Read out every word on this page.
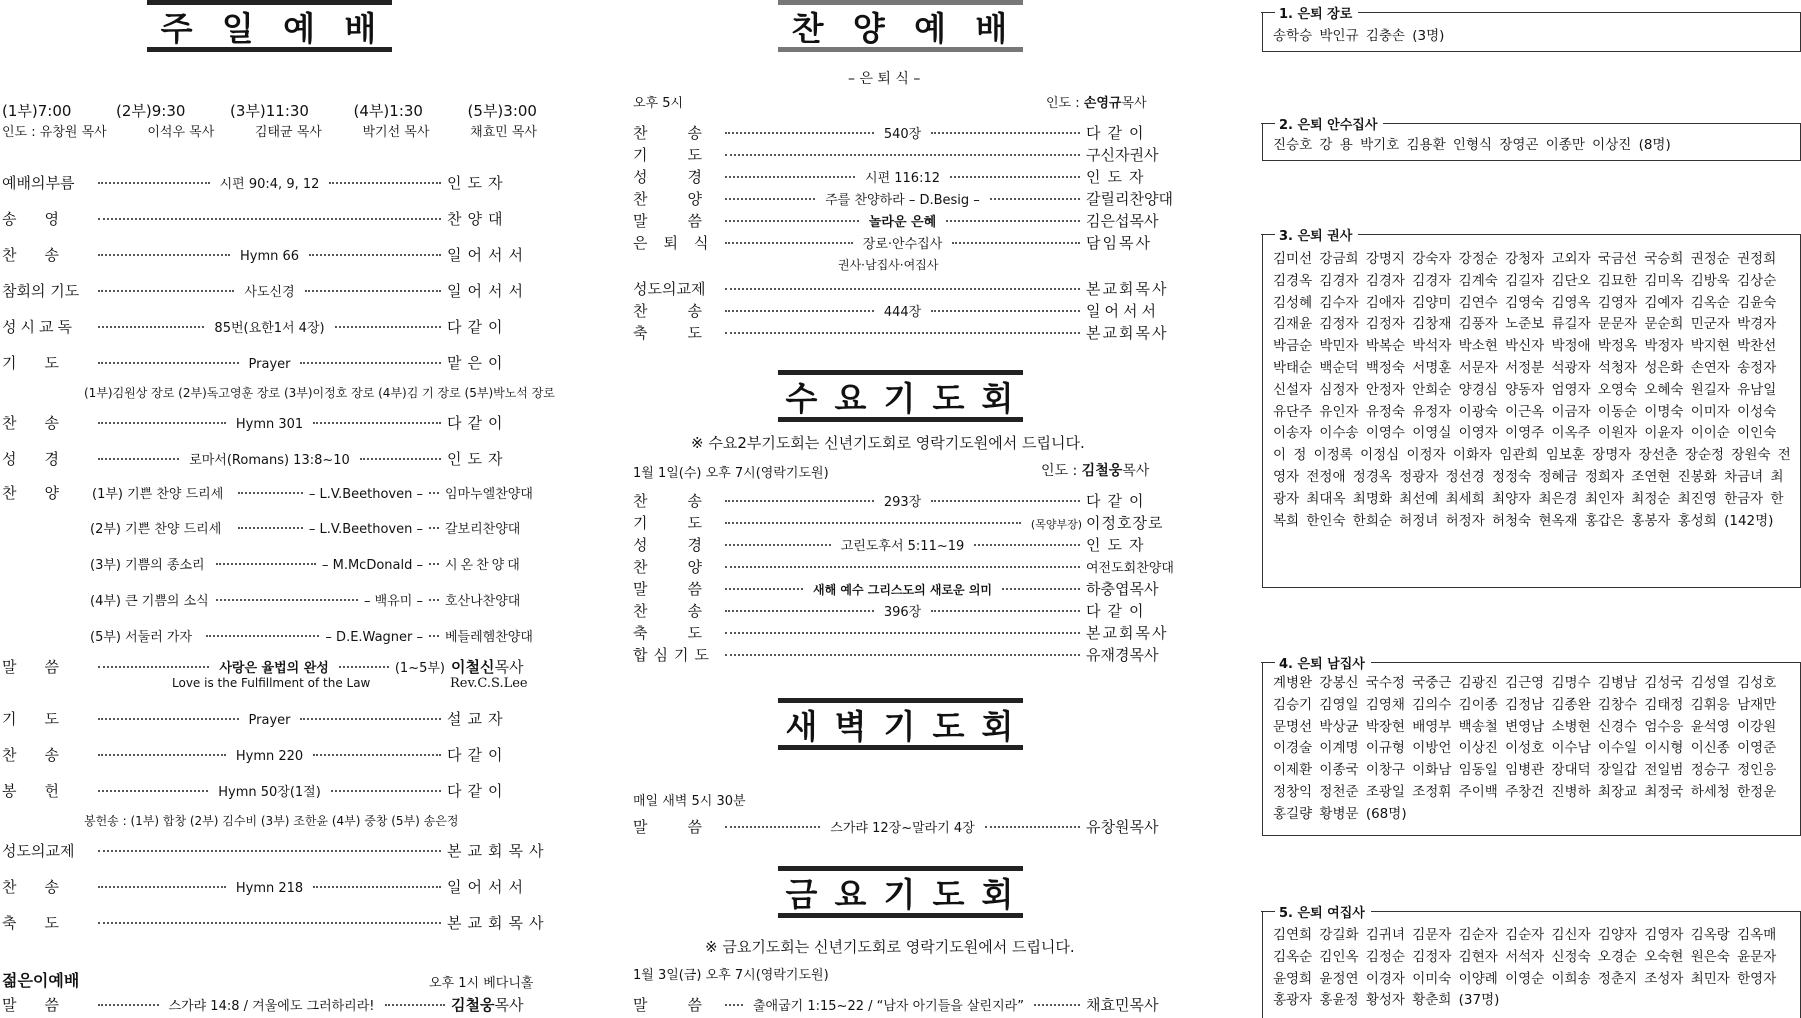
주 일 예 배
(1부)7:00	(2부)9:30	(3부)11:30	(4부)1:30	(5부)3:00
인도 : 유창원 목사	이석우 목사	김태균 목사	박기선 목사	채효민 목사
예배의부름	시편 90:4, 9, 12	인도자
송영	찬양대
찬송	Hymn 66	일어서서
참회의 기도	사도신경	일어서서
성시교독	85번(요한1서 4장)	다같이
기도	Prayer	맡은이
(1부)김원상 장로 (2부)독고영훈 장로 (3부)이정호 장로 (4부)김 기 장로 (5부)박노석 장로
찬송	Hymn 301	다같이
성경	로마서(Romans) 13:8~10	인도자
찬양 (1부) 기쁜 찬양 드리세	– L.V.Beethoven – 임마누엘찬양대
(2부) 기쁜 찬양 드리세	– L.V.Beethoven – 갈보리찬양대
(3부) 기쁨의 종소리	– M.McDonald – 시온찬양대
(4부) 큰 기쁨의 소식	– 백유미 – 호산나찬양대
(5부) 서둘러 가자	– D.E.Wagner – 베들레헴찬양대
말씀	사랑은 율법의 완성	(1~5부) 이철신목사
Love is the Fulfillment of the Law	Rev.C.S.Lee
기도	Prayer	설교자
찬송	Hymn 220	다같이
봉헌	Hymn 50장(1절)	다같이
봉헌송 : (1부) 합창 (2부) 김수비 (3부) 조한윤 (4부) 중창 (5부) 송은정
성도의교제	본교회목사
찬송	Hymn 218	일어서서
축도	본교회목사
젊은이예배	오후 1시 베다니홀
말씀	스가랴 14:8 / 겨울에도 그러하리라!	김철웅목사
찬 양 예 배
– 은 퇴 식 –
오후 5시	인도 : 손영규목사
찬송	540장	다같이
기도	구신자권사
성경	시편 116:12	인도자
찬양	주를 찬양하라 – D.Besig –	갈릴리찬양대
말씀	놀라운 은혜	김은섭목사
은퇴식	장로·안수집사	담임목사
권사·남집사·여집사
성도의교제	본교회목사
찬송	444장	일어서서
축도	본교회목사
수 요 기 도 회
※ 수요2부기도회는 신년기도회로 영락기도원에서 드립니다.
1월 1일(수) 오후 7시(영락기도원)	인도 : 김철웅목사
찬송	293장	다같이
기도	(목양부장) 이정호장로
성경	고린도후서 5:11~19	인도자
찬양	여전도회찬양대
말씀	새해 예수 그리스도의 새로운 의미	하충엽목사
찬송	396장	다같이
축도	본교회목사
합심기도	유재경목사
새 벽 기 도 회
매일 새벽 5시 30분
말씀	스가랴 12장~말라기 4장	유창원목사
금 요 기 도 회
※ 금요기도회는 신년기도회로 영락기도원에서 드립니다.
1월 3일(금) 오후 7시(영락기도원)
말씀 출애굽기 1:15~22 / “남자 아기들을 살린지라”	채효민목사
1. 은퇴 장로
송학승 박인규 김충손 (3명)
2. 은퇴 안수집사
진승호 강 용 박기호 김용환 인형식 장영곤 이종만 이상진 (8명)
3. 은퇴 권사
김미선 강금희 강명지 강숙자 강정순 강청자 고외자 국금선 국승희 권정순 권정희 김경옥 김경자 김경자 김경자 김계숙 김길자 김단오 김묘한 김미옥 김방욱 김상순 김성혜 김수자 김애자 김양미 김연수 김영숙 김영옥 김영자 김예자 김옥순 김윤숙 김재윤 김정자 김정자 김창재 김풍자 노준보 류길자 문문자 문순희 민군자 박경자 박금순 박민자 박복순 박석자 박소현 박신자 박정애 박정옥 박정자 박지현 박찬선 박태순 백순덕 백정숙 서명훈 서문자 서정분 석광자 석청자 성은화 손연자 송정자 신설자 심정자 안정자 안희순 양경심 양동자 엄영자 오영숙 오혜숙 원길자 유남일 유단주 유인자 유정숙 유정자 이광숙 이근옥 이금자 이동순 이명숙 이미자 이성숙 이송자 이수송 이영수 이영실 이영자 이영주 이옥주 이원자 이윤자 이이순 이인숙 이 정 이정록 이정심 이정자 이화자 임관희 임보훈 장명자 장선춘 장순정 장원숙 전영자 전정애 정경옥 정광자 정선경 정정숙 정혜금 정희자 조연현 진봉화 차금녀 최광자 최대옥 최명화 최선예 최세희 최양자 최은경 최인자 최정순 최진영 한금자 한복희 한인숙 한희순 허정녀 허정자 허청숙 현옥재 홍갑은 홍봉자 홍성희 (142명)
4. 은퇴 남집사
계병완 강봉신 국수정 국중근 김광진 김근영 김명수 김병남 김성국 김성열 김성호 김승기 김영일 김영채 김의수 김이종 김정남 김종완 김창수 김태정 김휘응 남재만 문명선 박상균 박장현 배영부 백송철 변영남 소병현 신경수 엄수응 윤석영 이강원 이경술 이계명 이규형 이방언 이상진 이성호 이수남 이수일 이시형 이신종 이영준 이제환 이종국 이창구 이화남 임동일 임병관 장대덕 장일갑 전일범 정승구 정인응 정창익 정천준 조광일 조정휘 주이백 주창건 진병하 최장교 최정국 하세청 한정운 홍길량 황병문 (68명)
5. 은퇴 여집사
김연희 강길화 김귀녀 김문자 김순자 김순자 김신자 김양자 김영자 김옥랑 김옥매 김옥순 김인옥 김정순 김정자 김현자 서석자 신정숙 오경순 오숙현 원은숙 윤문자 윤영희 윤정연 이경자 이미숙 이양례 이영순 이희송 정춘지 조성자 최민자 한영자 홍광자 홍윤정 황성자 황춘희 (37명)
